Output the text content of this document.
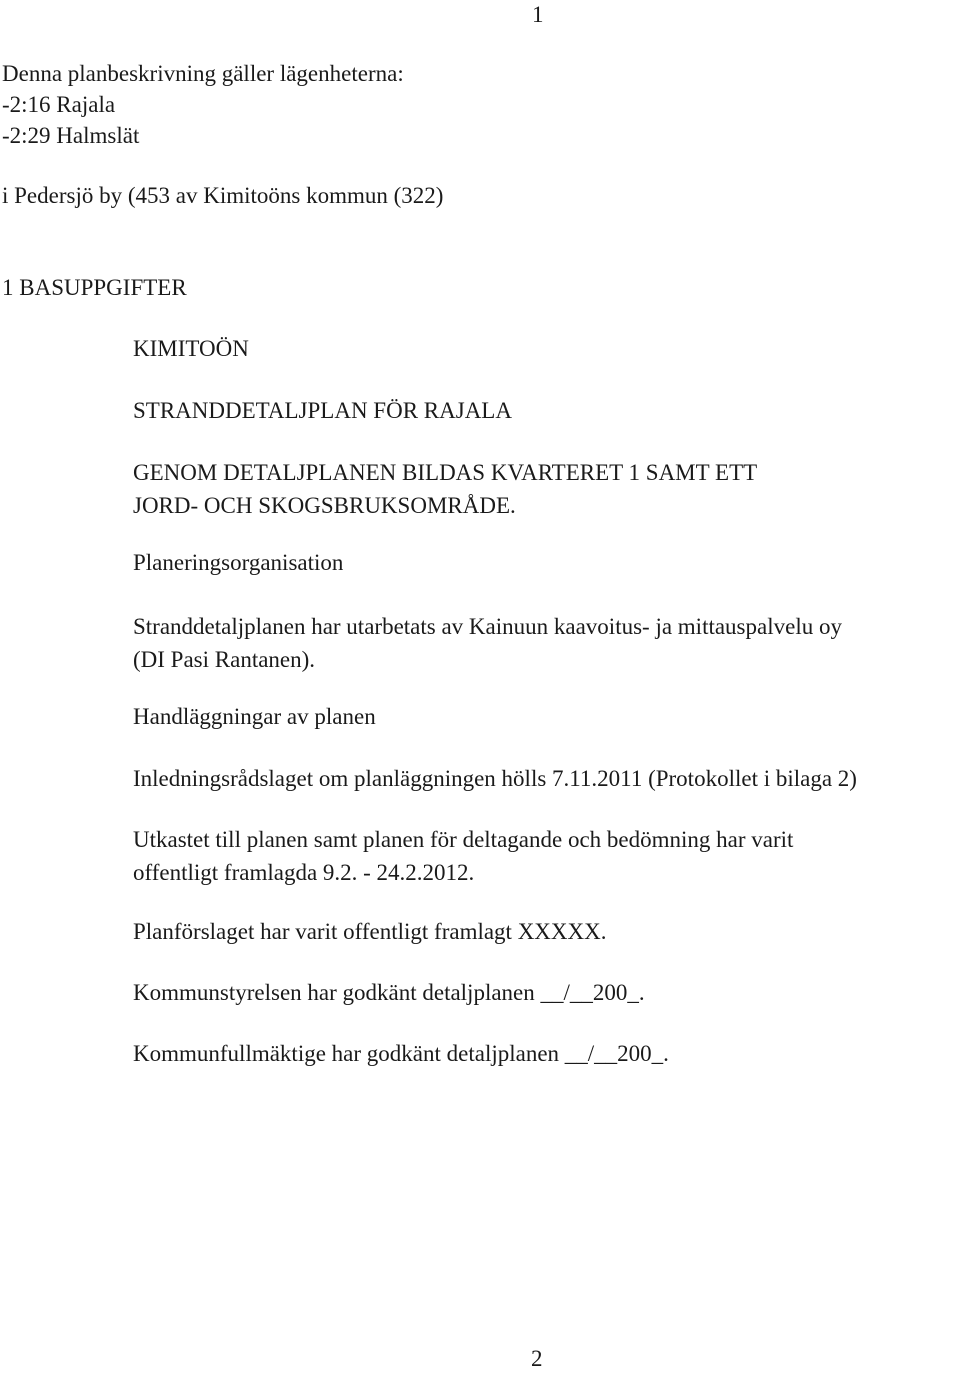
1

Denna planbeskrivning gäller lägenheterna:

-2:16 Rajala

-2:29 Halmslät

i Pedersjö by (453 av Kimitoöns kommun (322)

1 BASUPPGIFTER

KIMITOÖN

STRANDDETALJPLAN FÖR RAJALA

GENOM DETALJPLANEN BILDAS KVARTERET 1 SAMT ETT
JORD- OCH SKOGSBRUKSOMRÅDE.

Planeringsorganisation

Stranddetaljplanen har utarbetats av Kainuun kaavoitus- ja mittauspalvelu oy
(DI Pasi Rantanen).

Handläggningar av planen

Inledningsrådslaget om planläggningen hölls 7.11.2011 (Protokollet i bilaga 2)

Utkastet till planen samt planen för deltagande och bedömning har varit
offentligt framlagda 9.2. - 24.2.2012.

Planförslaget har varit offentligt framlagt XXXXX.

Kommunstyrelsen har godkänt detaljplanen __/__200_.

Kommunfullmäktige har godkänt detaljplanen __/__200_.

2
